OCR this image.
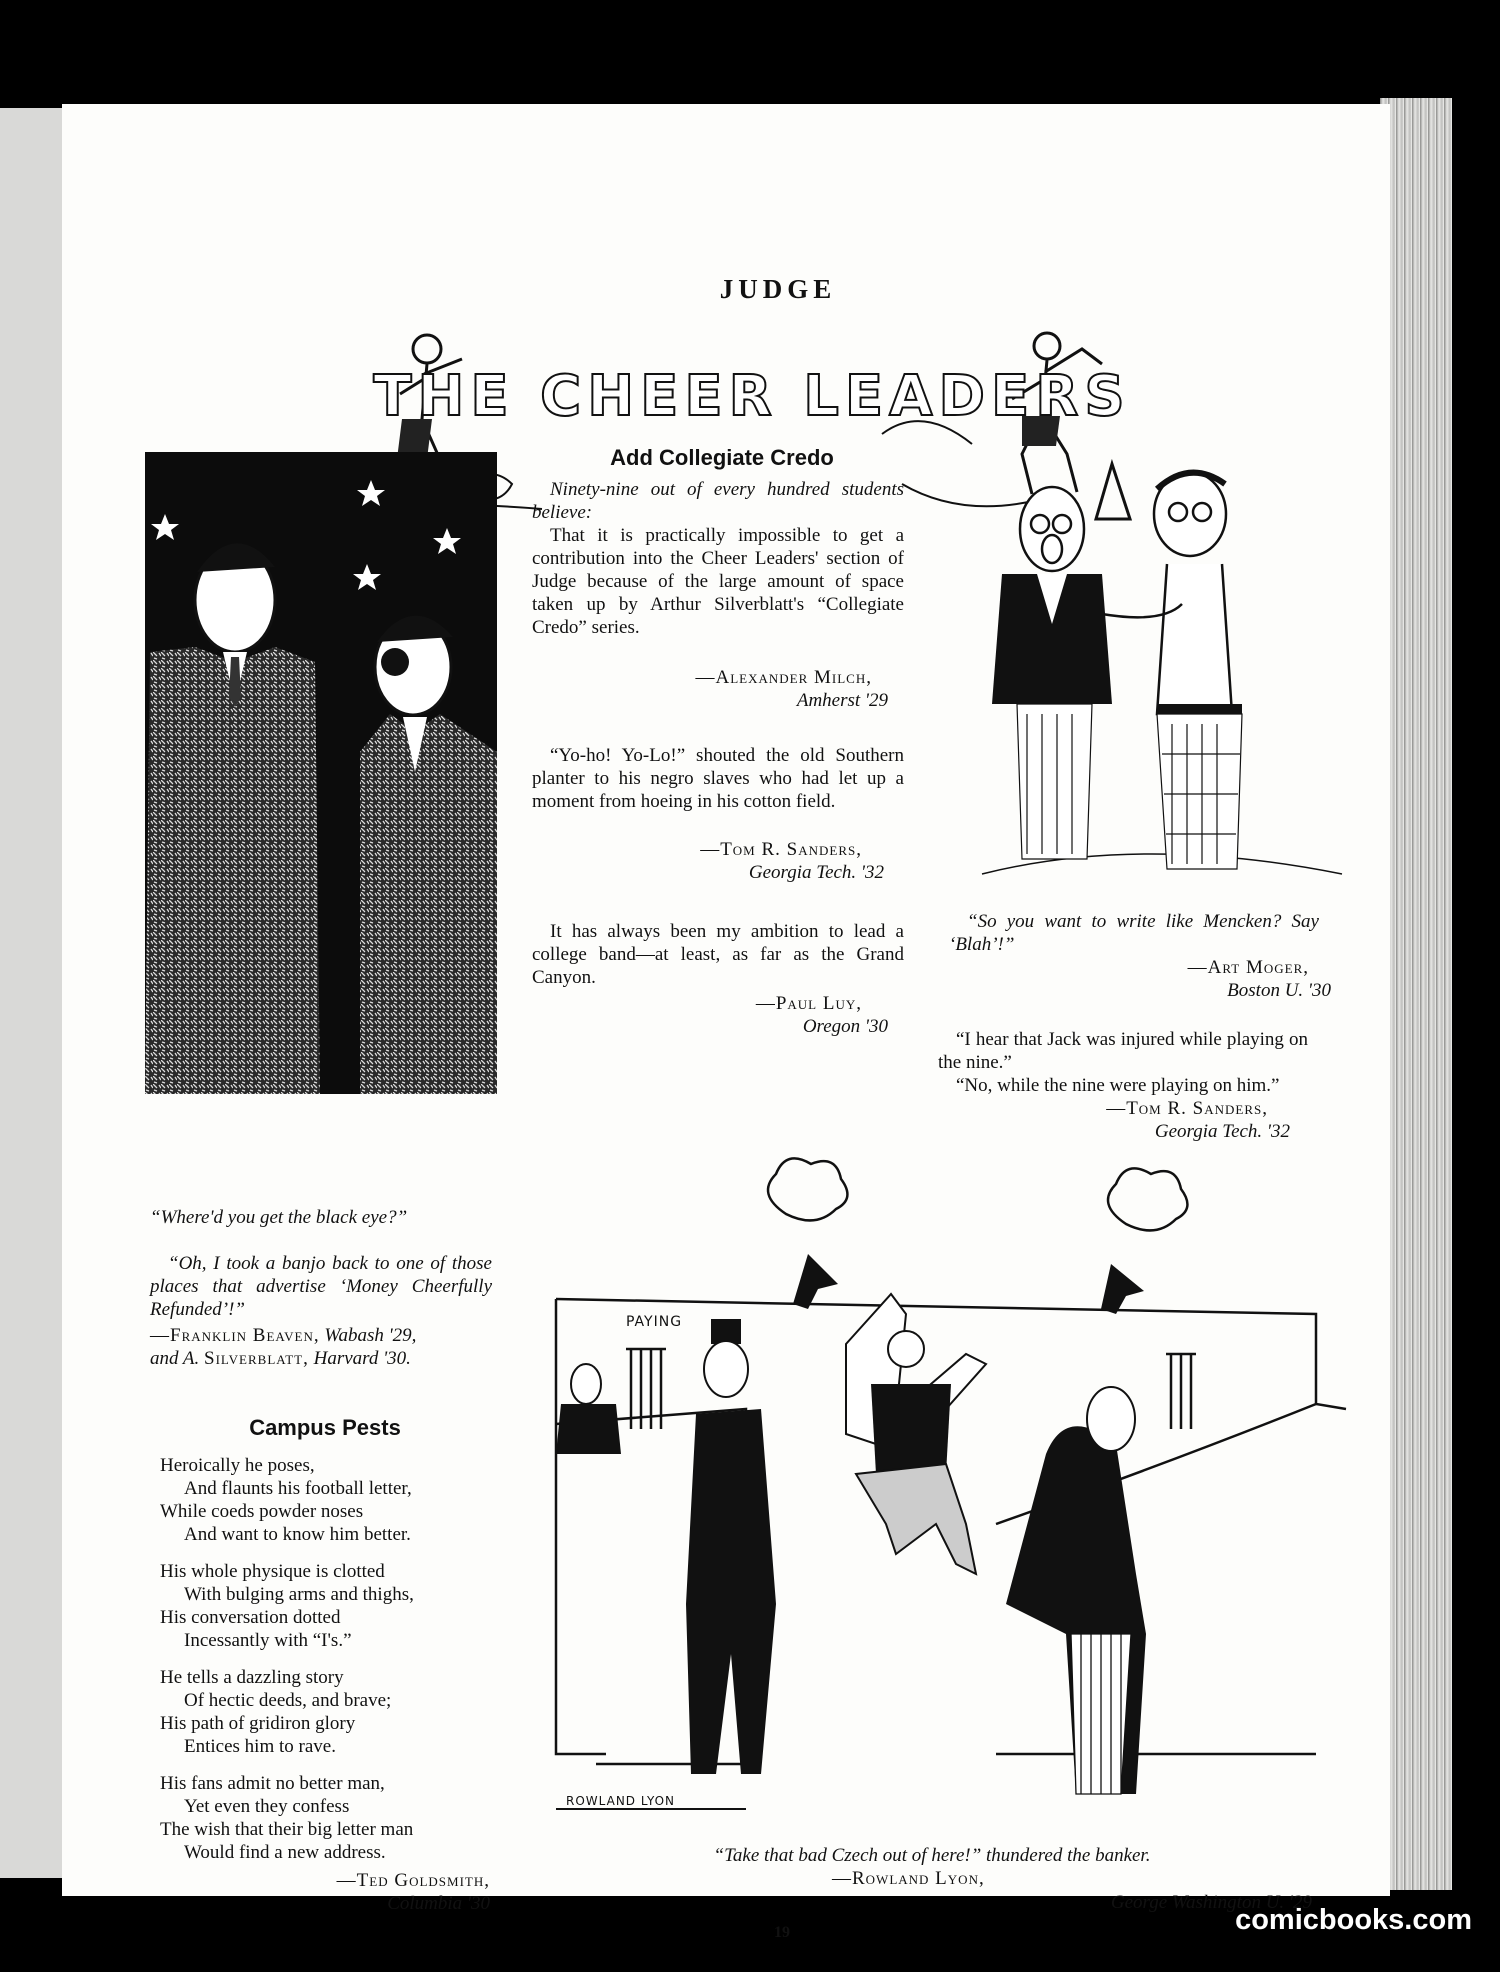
JUDGE
THE CHEER LEADERS
“Where'd you get the black eye?”
“Oh, I took a banjo back to one of those places that advertise ‘Money Cheerfully Refunded’!”
—Franklin Beaven, Wabash '29,
and A. Silverblatt, Harvard '30.
Campus Pests
Heroically he poses,
And flaunts his football letter,
While coeds powder noses
And want to know him better.
His whole physique is clotted
With bulging arms and thighs,
His conversation dotted
Incessantly with “I's.”
He tells a dazzling story
Of hectic deeds, and brave;
His path of gridiron glory
Entices him to rave.
His fans admit no better man,
Yet even they confess
The wish that their big letter man
Would find a new address.
—Ted Goldsmith,
Columbia '30
Add Collegiate Credo
Ninety-nine out of every hundred students believe:
That it is practically impossible to get a contribution into the Cheer Leaders' section of Judge because of the large amount of space taken up by Arthur Silverblatt's “Collegiate Credo” series.
—Alexander Milch,
Amherst '29
“Yo-ho! Yo-Lo!” shouted the old Southern planter to his negro slaves who had let up a moment from hoeing in his cotton field.
—Tom R. Sanders,
Georgia Tech. '32
It has always been my ambition to lead a college band—at least, as far as the Grand Canyon.
—Paul Luy,
Oregon '30
“So you want to write like Mencken? Say ‘Blah’!”
—Art Moger,
Boston U. '30
“I hear that Jack was injured while playing on the nine.”
“No, while the nine were playing on him.”
—Tom R. Sanders,
Georgia Tech. '32
PAYING
ROWLAND LYON
“Take that bad Czech out of here!” thundered the banker.
—Rowland Lyon,
George Washington U. '29
19	comicbooks.com
